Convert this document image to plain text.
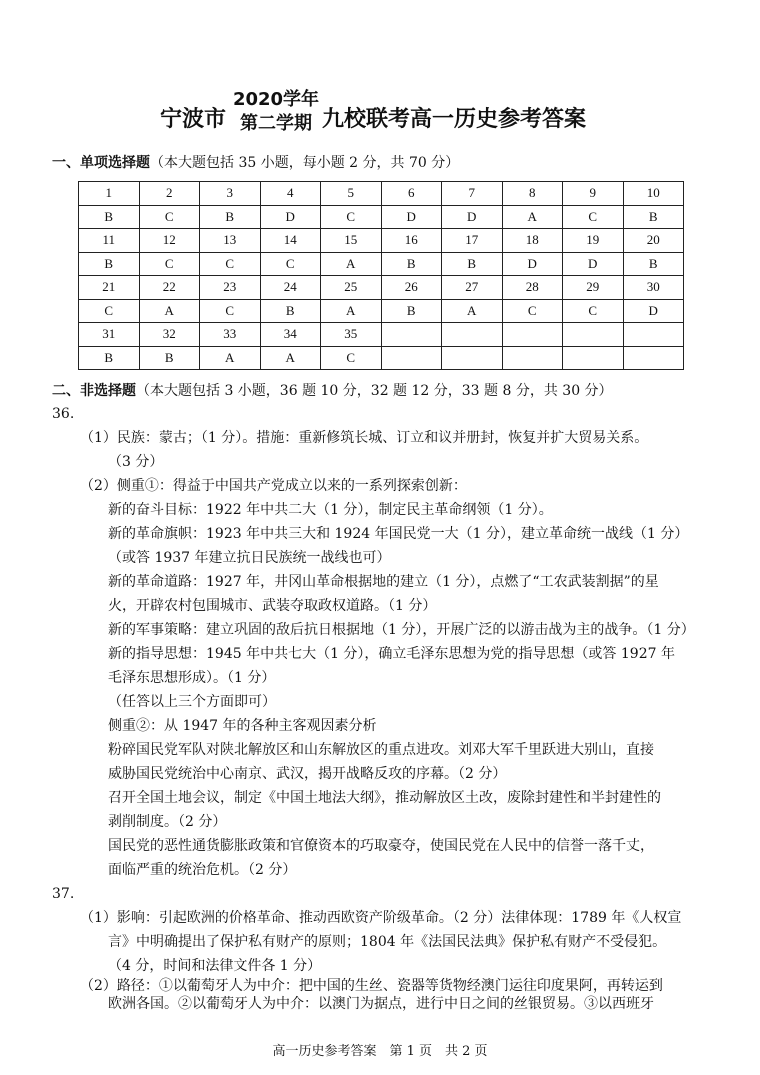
宁波市
2020学年
第二学期 九校联考高一历史参考答案
一、单项选择题（本大题包括 35 小题，每小题 2 分，共 70 分）
1	2	3	4	5	6	7	8	9	10
B	C	B	D	C	D	D	A	C	B
11	12	13	14	15	16	17	18	19	20
B	C	C	C	A	B	B	D	D	B
21	22	23	24	25	26	27	28	29	30
C	A	C	B	A	B	A	C	C	D
31	32	33	34	35					
B	B	A	A	C					
二、非选择题（本大题包括 3 小题，36 题 10 分，32 题 12 分，33 题 8 分，共 30 分）
36.
（1）民族：蒙古；（1 分）。措施：重新修筑长城、订立和议并册封，恢复并扩大贸易关系。
（3 分）
（2）侧重①：得益于中国共产党成立以来的一系列探索创新：
新的奋斗目标：1922 年中共二大（1 分），制定民主革命纲领（1 分）。
新的革命旗帜：1923 年中共三大和 1924 年国民党一大（1 分），建立革命统一战线（1 分）
（或答 1937 年建立抗日民族统一战线也可）
新的革命道路：1927 年，井冈山革命根据地的建立（1 分），点燃了“工农武装割据”的星
火，开辟农村包围城市、武装夺取政权道路。（1 分）
新的军事策略：建立巩固的敌后抗日根据地（1 分），开展广泛的以游击战为主的战争。（1 分）
新的指导思想：1945 年中共七大（1 分），确立毛泽东思想为党的指导思想（或答 1927 年
毛泽东思想形成）。（1 分）
（任答以上三个方面即可）
侧重②：从 1947 年的各种主客观因素分析
粉碎国民党军队对陕北解放区和山东解放区的重点进攻。刘邓大军千里跃进大别山，直接
威胁国民党统治中心南京、武汉，揭开战略反攻的序幕。（2 分）
召开全国土地会议，制定《中国土地法大纲》，推动解放区土改，废除封建性和半封建性的
剥削制度。（2 分）
国民党的恶性通货膨胀政策和官僚资本的巧取豪夺，使国民党在人民中的信誉一落千丈，
面临严重的统治危机。（2 分）
37.
（1）影响：引起欧洲的价格革命、推动西欧资产阶级革命。（2 分）法律体现：1789 年《人权宣
言》中明确提出了保护私有财产的原则；1804 年《法国民法典》保护私有财产不受侵犯。
（4 分，时间和法律文件各 1 分）
（2）路径：①以葡萄牙人为中介：把中国的生丝、瓷器等货物经澳门运往印度果阿，再转运到
欧洲各国。②以葡萄牙人为中介：以澳门为据点，进行中日之间的丝银贸易。③以西班牙
高一历史参考答案　第 1 页　共 2 页
